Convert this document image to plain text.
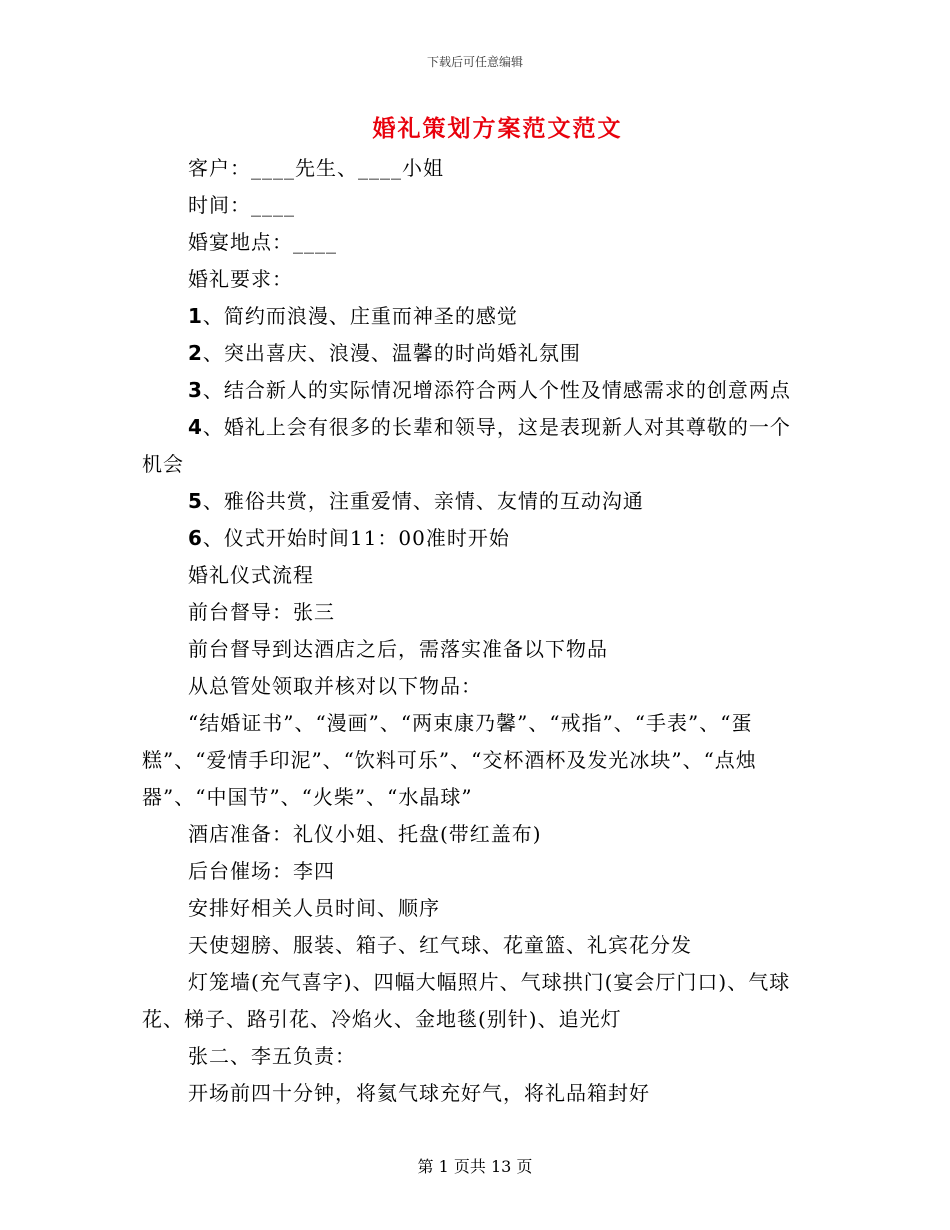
下载后可任意编辑
婚礼策划方案范文范文

客户：____先生、____小姐

时间：____

婚宴地点：____

婚礼要求：

1、简约而浪漫、庄重而神圣的感觉

2、突出喜庆、浪漫、温馨的时尚婚礼氛围

3、结合新人的实际情况增添符合两人个性及情感需求的创意两点

4、婚礼上会有很多的长辈和领导，这是表现新人对其尊敬的一个机会

5、雅俗共赏，注重爱情、亲情、友情的互动沟通

6、仪式开始时间11：00准时开始

婚礼仪式流程

前台督导：张三

前台督导到达酒店之后，需落实准备以下物品

从总管处领取并核对以下物品：

“结婚证书”、“漫画”、“两束康乃馨”、“戒指”、“手表”、“蛋糕”、“爱情手印泥”、“饮料可乐”、“交杯酒杯及发光冰块”、“点烛器”、“中国节”、“火柴”、“水晶球”

酒店准备：礼仪小姐、托盘(带红盖布)

后台催场：李四

安排好相关人员时间、顺序

天使翅膀、服装、箱子、红气球、花童篮、礼宾花分发

灯笼墙(充气喜字)、四幅大幅照片、气球拱门(宴会厅门口)、气球花、梯子、路引花、冷焰火、金地毯(别针)、追光灯

张二、李五负责：

开场前四十分钟，将氦气球充好气，将礼品箱封好

第 1 页共 13 页
